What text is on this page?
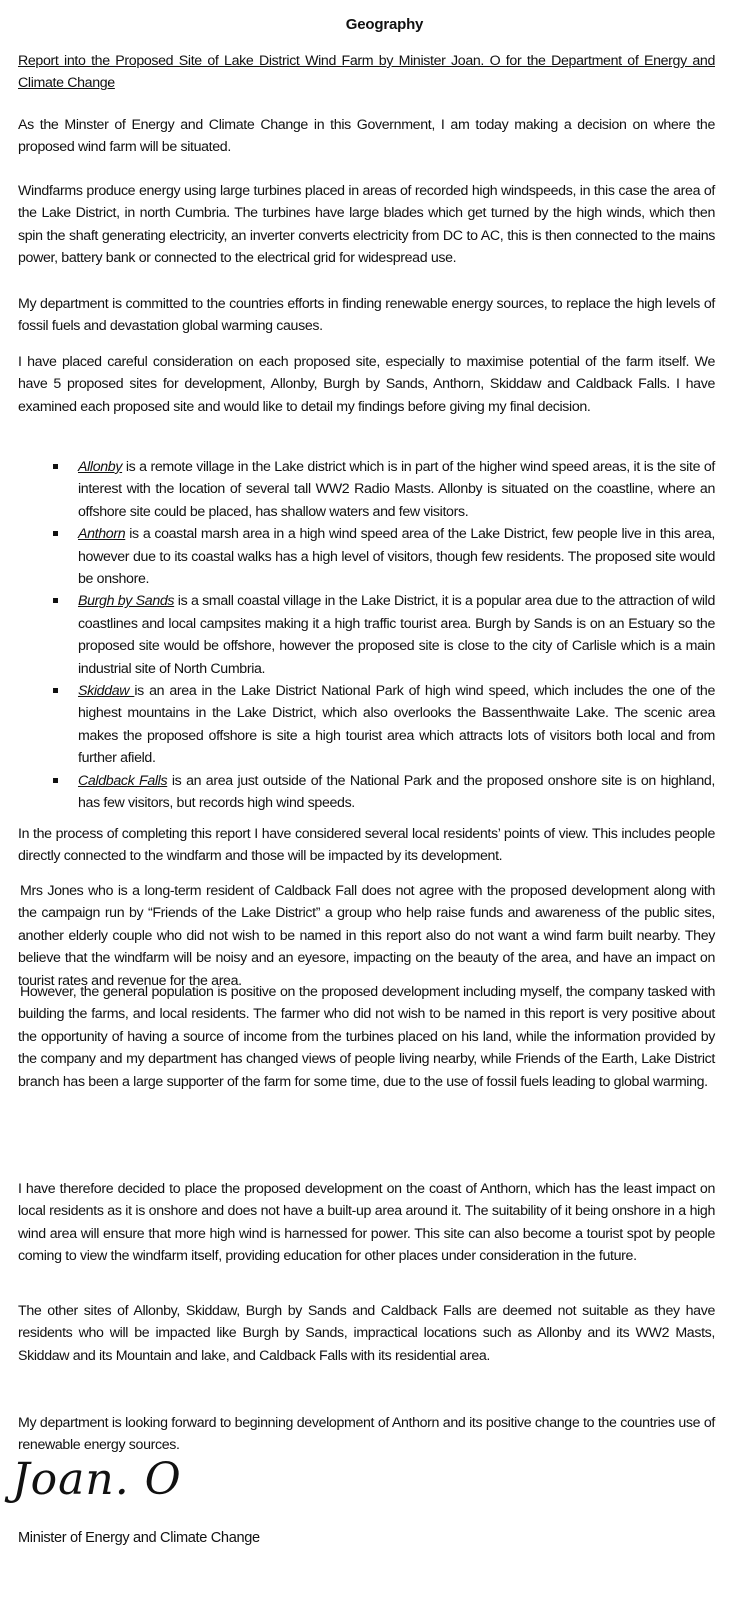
Geography
Report into the Proposed Site of Lake District Wind Farm by Minister Joan. O for the Department of Energy and Climate Change

As the Minster of Energy and Climate Change in this Government, I am today making a decision on where the proposed wind farm will be situated.

Windfarms produce energy using large turbines placed in areas of recorded high windspeeds, in this case the area of the Lake District, in north Cumbria. The turbines have large blades which get turned by the high winds, which then spin the shaft generating electricity, an inverter converts electricity from DC to AC, this is then connected to the mains power, battery bank or connected to the electrical grid for widespread use.

My department is committed to the countries efforts in finding renewable energy sources, to replace the high levels of fossil fuels and devastation global warming causes.

I have placed careful consideration on each proposed site, especially to maximise potential of the farm itself. We have 5 proposed sites for development, Allonby, Burgh by Sands, Anthorn, Skiddaw and Caldback Falls. I have examined each proposed site and would like to detail my findings before giving my final decision.

Allonby is a remote village in the Lake district which is in part of the higher wind speed areas, it is the site of interest with the location of several tall WW2 Radio Masts. Allonby is situated on the coastline, where an offshore site could be placed, has shallow waters and few visitors.
Anthorn is a coastal marsh area in a high wind speed area of the Lake District, few people live in this area, however due to its coastal walks has a high level of visitors, though few residents. The proposed site would be onshore.
Burgh by Sands is a small coastal village in the Lake District, it is a popular area due to the attraction of wild coastlines and local campsites making it a high traffic tourist area. Burgh by Sands is on an Estuary so the proposed site would be offshore, however the proposed site is close to the city of Carlisle which is a main industrial site of North Cumbria.
Skiddaw is an area in the Lake District National Park of high wind speed, which includes the one of the highest mountains in the Lake District, which also overlooks the Bassenthwaite Lake. The scenic area makes the proposed offshore is site a high tourist area which attracts lots of visitors both local and from further afield.
Caldback Falls is an area just outside of the National Park and the proposed onshore site is on highland, has few visitors, but records high wind speeds.

In the process of completing this report I have considered several local residents’ points of view. This includes people directly connected to the windfarm and those will be impacted by its development.

Mrs Jones who is a long-term resident of Caldback Fall does not agree with the proposed development along with the campaign run by “Friends of the Lake District” a group who help raise funds and awareness of the public sites, another elderly couple who did not wish to be named in this report also do not want a wind farm built nearby. They believe that the windfarm will be noisy and an eyesore, impacting on the beauty of the area, and have an impact on tourist rates and revenue for the area.

However, the general population is positive on the proposed development including myself, the company tasked with building the farms, and local residents. The farmer who did not wish to be named in this report is very positive about the opportunity of having a source of income from the turbines placed on his land, while the information provided by the company and my department has changed views of people living nearby, while Friends of the Earth, Lake District branch has been a large supporter of the farm for some time, due to the use of fossil fuels leading to global warming.

I have therefore decided to place the proposed development on the coast of Anthorn, which has the least impact on local residents as it is onshore and does not have a built-up area around it. The suitability of it being onshore in a high wind area will ensure that more high wind is harnessed for power. This site can also become a tourist spot by people coming to view the windfarm itself, providing education for other places under consideration in the future.

The other sites of Allonby, Skiddaw, Burgh by Sands and Caldback Falls are deemed not suitable as they have residents who will be impacted like Burgh by Sands, impractical locations such as Allonby and its WW2 Masts, Skiddaw and its Mountain and lake, and Caldback Falls with its residential area.

My department is looking forward to beginning development of Anthorn and its positive change to the countries use of renewable energy sources.

Joan. O
Minister of Energy and Climate Change
